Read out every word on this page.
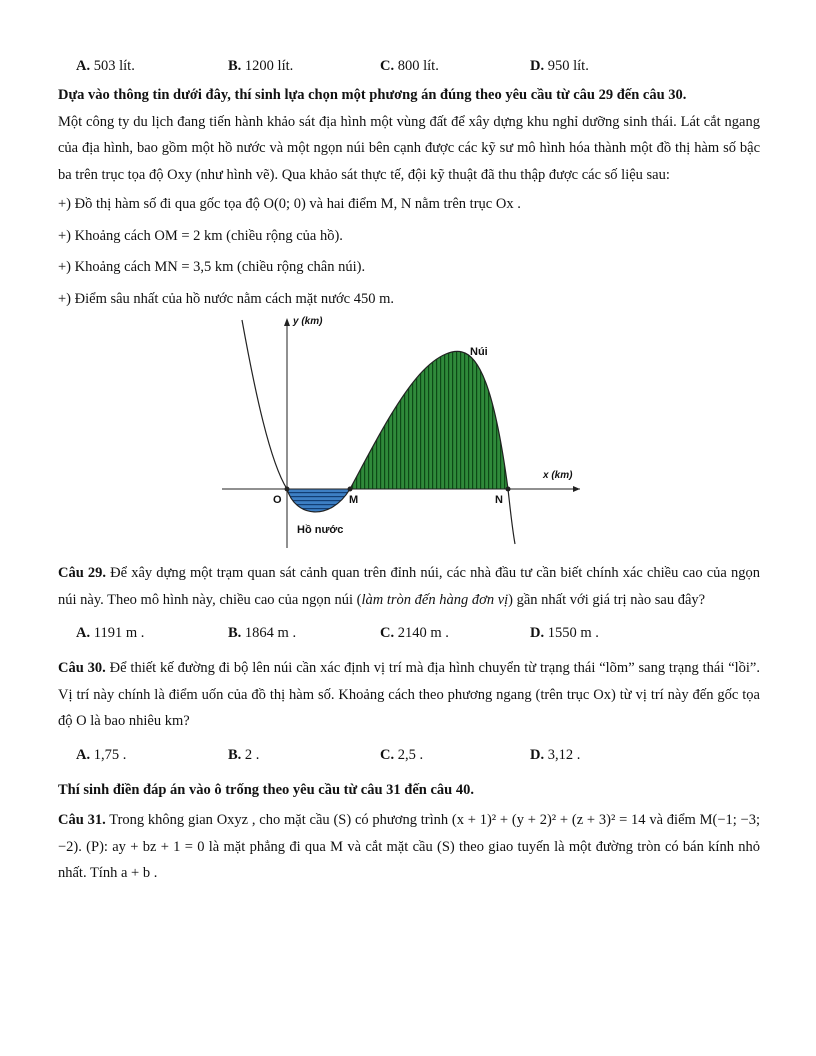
A. 503 lít.	B. 1200 lít.	C. 800 lít.	D. 950 lít.

Dựa vào thông tin dưới đây, thí sinh lựa chọn một phương án đúng theo yêu cầu từ câu 29 đến câu 30.

Một công ty du lịch đang tiến hành khảo sát địa hình một vùng đất để xây dựng khu nghỉ dưỡng sinh thái. Lát cắt ngang của địa hình, bao gồm một hồ nước và một ngọn núi bên cạnh được các kỹ sư mô hình hóa thành một đồ thị hàm số bậc ba trên trục tọa độ Oxy (như hình vẽ). Qua khảo sát thực tế, đội kỹ thuật đã thu thập được các số liệu sau:

+) Đồ thị hàm số đi qua gốc tọa độ O(0; 0) và hai điểm M, N nằm trên trục Ox .

+) Khoảng cách OM = 2 km (chiều rộng của hồ).

+) Khoảng cách MN = 3,5 km (chiều rộng chân núi).

+) Điểm sâu nhất của hồ nước nằm cách mặt nước 450 m.

y (km)
x (km)
O	M	N
Núi
Hồ nước

Câu 29. Để xây dựng một trạm quan sát cảnh quan trên đỉnh núi, các nhà đầu tư cần biết chính xác chiều cao của ngọn núi này. Theo mô hình này, chiều cao của ngọn núi (làm tròn đến hàng đơn vị) gần nhất với giá trị nào sau đây?

A. 1191 m .	B. 1864 m .	C. 2140 m .	D. 1550 m .

Câu 30. Để thiết kế đường đi bộ lên núi cần xác định vị trí mà địa hình chuyển từ trạng thái “lõm” sang trạng thái “lồi”. Vị trí này chính là điểm uốn của đồ thị hàm số. Khoảng cách theo phương ngang (trên trục Ox) từ vị trí này đến gốc tọa độ O là bao nhiêu km?

A. 1,75 .	B. 2 .	C. 2,5 .	D. 3,12 .

Thí sinh điền đáp án vào ô trống theo yêu cầu từ câu 31 đến câu 40.

Câu 31. Trong không gian Oxyz , cho mặt cầu (S) có phương trình (x + 1)² + (y + 2)² + (z + 3)² = 14 và điểm M(−1; −3; −2). (P): ay + bz + 1 = 0 là mặt phẳng đi qua M và cắt mặt cầu (S) theo giao tuyến là một đường tròn có bán kính nhỏ nhất. Tính a + b .
